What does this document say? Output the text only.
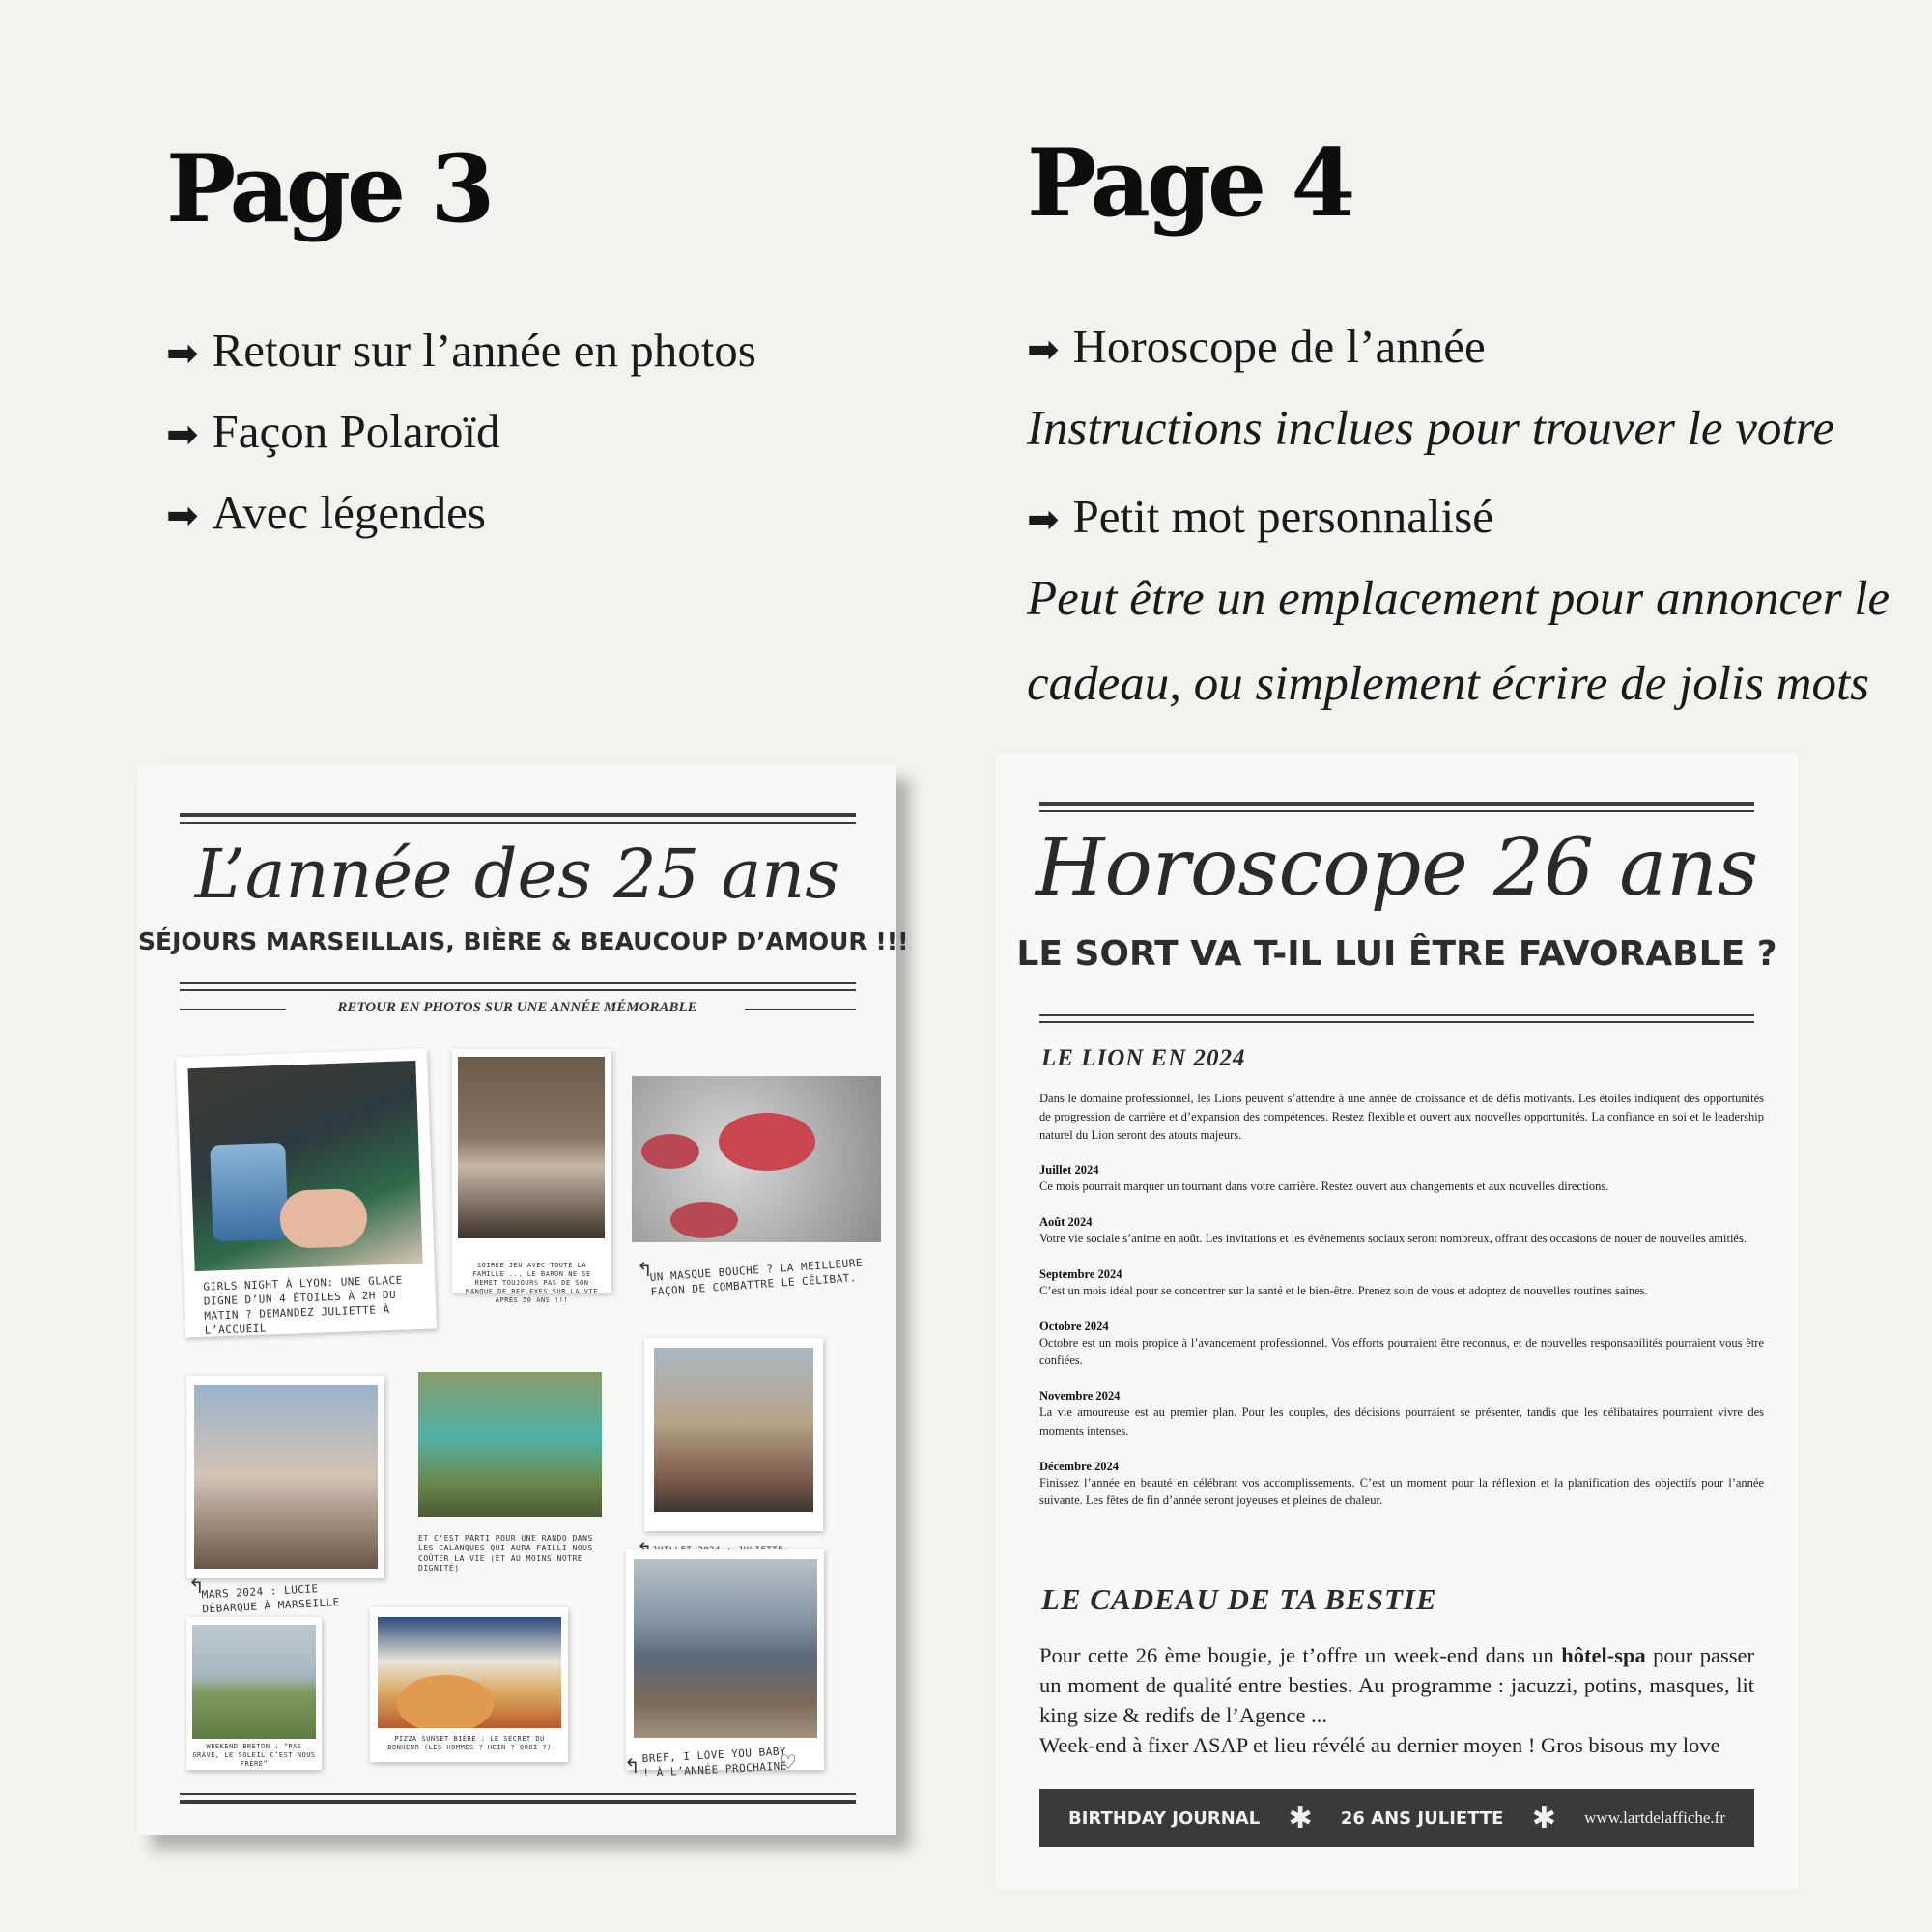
Page 3
➡ Retour sur l’année en photos
➡ Façon Polaroïd
➡ Avec légendes
Page 4
➡ Horoscope de l’année
Instructions inclues pour trouver le votre
➡ Petit mot personnalisé
Peut être un emplacement pour annoncer le
cadeau, ou simplement écrire de jolis mots
L’année des 25 ans
SÉJOURS MARSEILLAIS, BIÈRE & BEAUCOUP D’AMOUR !!!
RETOUR EN PHOTOS SUR UNE ANNÉE MÉMORABLE
GIRLS NIGHT À LYON: UNE GLACE DIGNE D’UN 4 ÉTOILES À 2H DU MATIN ? DEMANDEZ JULIETTE À L’ACCUEIL
SOIRÉE JEU AVEC TOUTE LA FAMILLE ... LE BARON NE SE REMET TOUJOURS PAS DE SON MANQUE DE REFLEXES SUR LA VIE APRÈS 50 ANS !!!
↰
UN MASQUE BOUCHE ? LA MEILLEURE FAÇON DE COMBATTRE LE CÉLIBAT.
↰
MARS 2024 : LUCIE DÉBARQUE À MARSEILLE
ET C’EST PARTI POUR UNE RANDO DANS LES CALANQUES QUI AURA FAILLI NOUS COÛTER LA VIE (ET AU MOINS NOTRE DIGNITÉ)
WEEKEND BRETON : “PAS GRAVE, LE SOLEIL C’EST NOUS FRÈRE”
PIZZA SUNSET BIÈRE : LE SECRET DU BONHEUR (LES HOMMES ? HEIN ? QUOI ?)
↰ BREF, I LOVE YOU BABY ! À L’ANNÉE PROCHAINE
♡
Horoscope 26 ans
LE SORT VA T-IL LUI ÊTRE FAVORABLE ?
LE LION EN 2024
Dans le domaine professionnel, les Lions peuvent s’attendre à une année de croissance et de défis motivants. Les étoiles indiquent des opportunités de progression de carrière et d’expansion des compétences. Restez flexible et ouvert aux nouvelles opportunités. La confiance en soi et le leadership naturel du Lion seront des atouts majeurs.
Juillet 2024
Ce mois pourrait marquer un tournant dans votre carrière. Restez ouvert aux changements et aux nouvelles directions.
Août 2024
Votre vie sociale s’anime en août. Les invitations et les événements sociaux seront nombreux, offrant des occasions de nouer de nouvelles amitiés.
Septembre 2024
C’est un mois idéal pour se concentrer sur la santé et le bien-être. Prenez soin de vous et adoptez de nouvelles routines saines.
Octobre 2024
Octobre est un mois propice à l’avancement professionnel. Vos efforts pourraient être reconnus, et de nouvelles responsabilités pourraient vous être confiées.
Novembre 2024
La vie amoureuse est au premier plan. Pour les couples, des décisions pourraient se présenter, tandis que les célibataires pourraient vivre des moments intenses.
Décembre 2024
Finissez l’année en beauté en célébrant vos accomplissements. C’est un moment pour la réflexion et la planification des objectifs pour l’année suivante. Les fêtes de fin d’année seront joyeuses et pleines de chaleur.
LE CADEAU DE TA BESTIE
Pour cette 26 ème bougie, je t’offre un week-end dans un hôtel-spa pour passer un moment de qualité entre besties. Au programme : jacuzzi, potins, masques, lit king size & redifs de l’Agence ...
Week-end à fixer ASAP et lieu révélé au dernier moyen ! Gros bisous my love
BIRTHDAY JOURNAL ✱ 26 ANS JULIETTE ✱ www.lartdelaffiche.fr
